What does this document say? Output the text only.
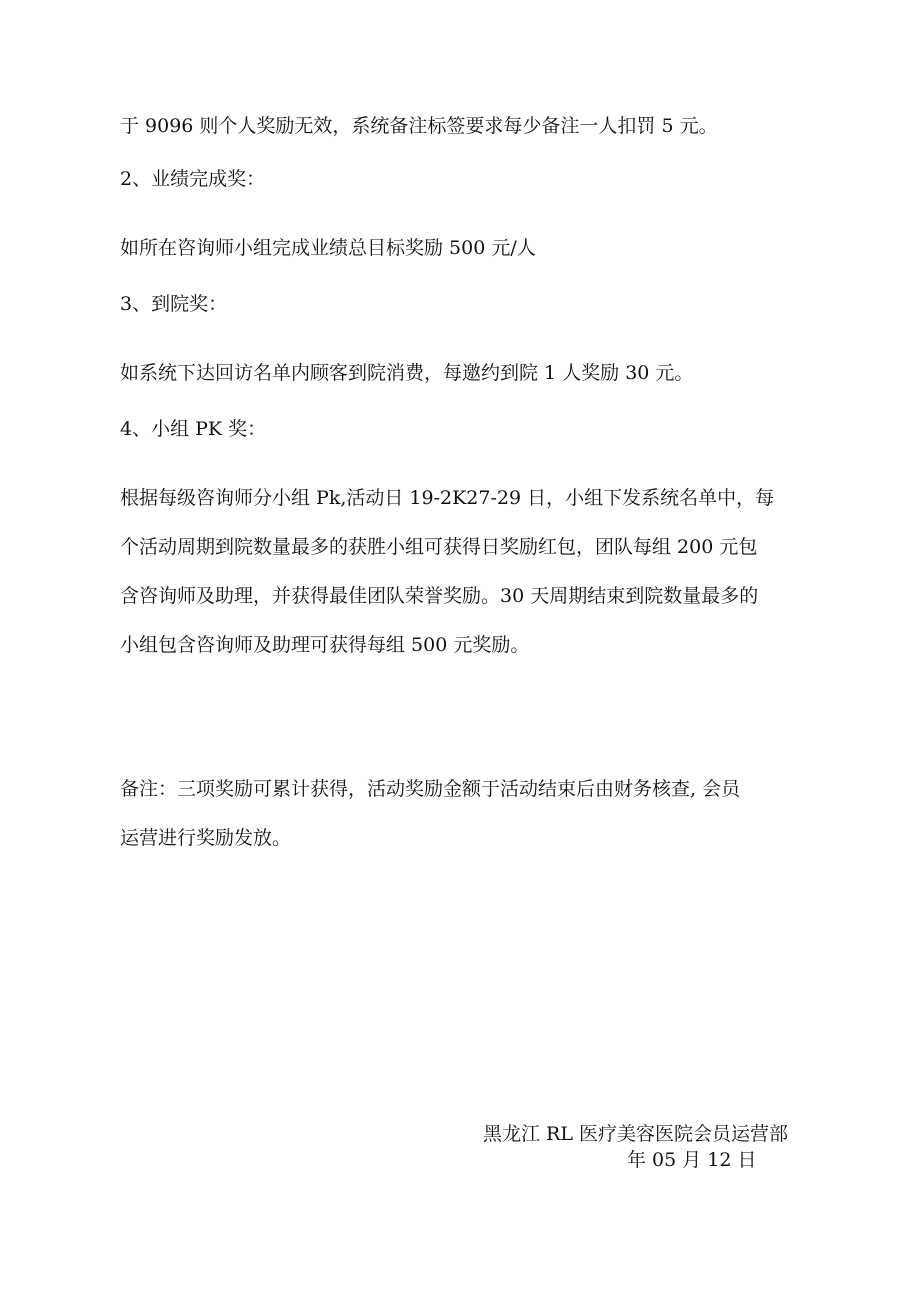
于 9096 则个人奖励无效，系统备注标签要求每少备注一人扣罚 5 元。
2、业绩完成奖：
如所在咨询师小组完成业绩总目标奖励 500 元/人
3、到院奖：
如系统下达回访名单内顾客到院消费，每邀约到院 1 人奖励 30 元。
4、小组 PK 奖：
根据每级咨询师分小组 Pk,活动日 19-2K27-29 日，小组下发系统名单中，每
个活动周期到院数量最多的获胜小组可获得日奖励红包，团队每组 200 元包
含咨询师及助理，并获得最佳团队荣誉奖励。30 天周期结束到院数量最多的
小组包含咨询师及助理可获得每组 500 元奖励。
备注：三项奖励可累计获得，活动奖励金额于活动结束后由财务核查, 会员
运营进行奖励发放。
黑龙江 RL 医疗美容医院会员运营部
年 05 月 12 日
